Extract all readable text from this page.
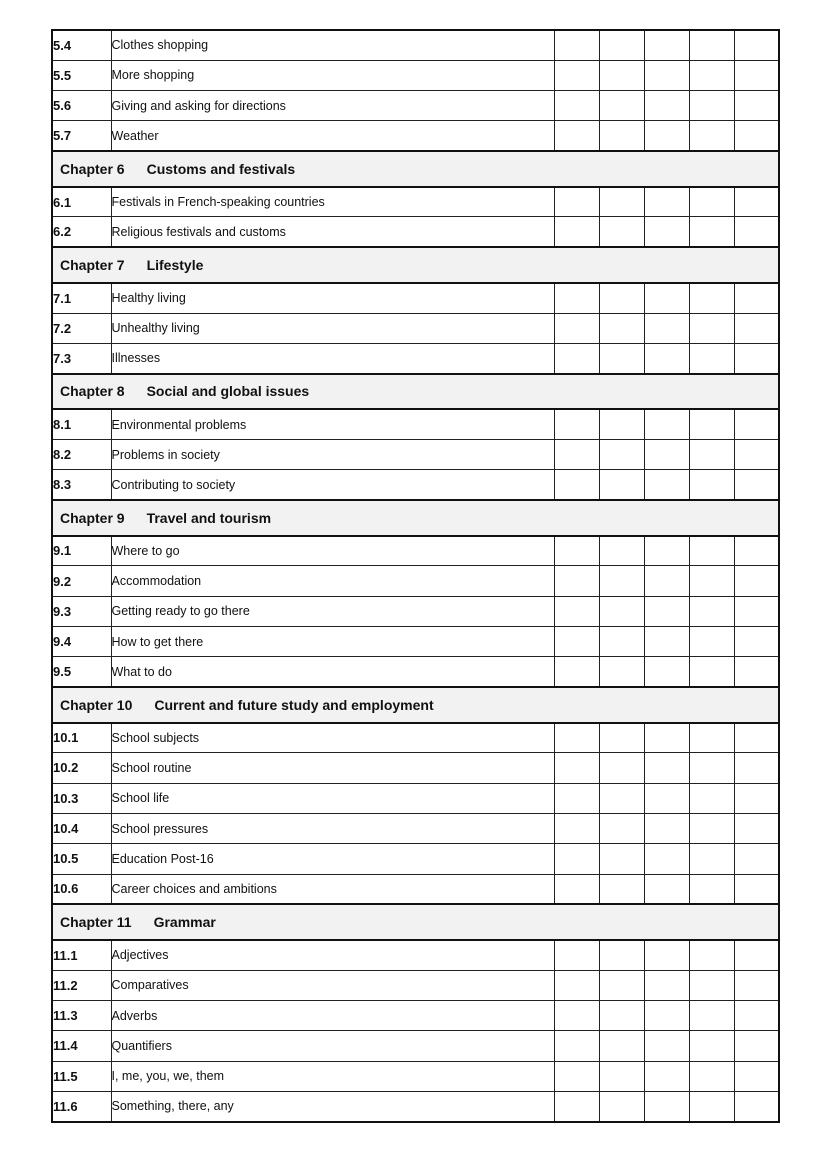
5.4	Clothes shopping					
5.5	More shopping					
5.6	Giving and asking for directions					
5.7	Weather					
Chapter 6 Customs and festivals						
6.1	Festivals in French-speaking countries					
6.2	Religious festivals and customs					
Chapter 7 Lifestyle						
7.1	Healthy living					
7.2	Unhealthy living					
7.3	Illnesses					
Chapter 8 Social and global issues						
8.1	Environmental problems					
8.2	Problems in society					
8.3	Contributing to society					
Chapter 9 Travel and tourism						
9.1	Where to go					
9.2	Accommodation					
9.3	Getting ready to go there					
9.4	How to get there					
9.5	What to do					
Chapter 10 Current and future study and employment						
10.1	School subjects					
10.2	School routine					
10.3	School life					
10.4	School pressures					
10.5	Education Post-16					
10.6	Career choices and ambitions					
Chapter 11 Grammar						
11.1	Adjectives					
11.2	Comparatives					
11.3	Adverbs					
11.4	Quantifiers					
11.5	I, me, you, we, them					
11.6	Something, there, any					
